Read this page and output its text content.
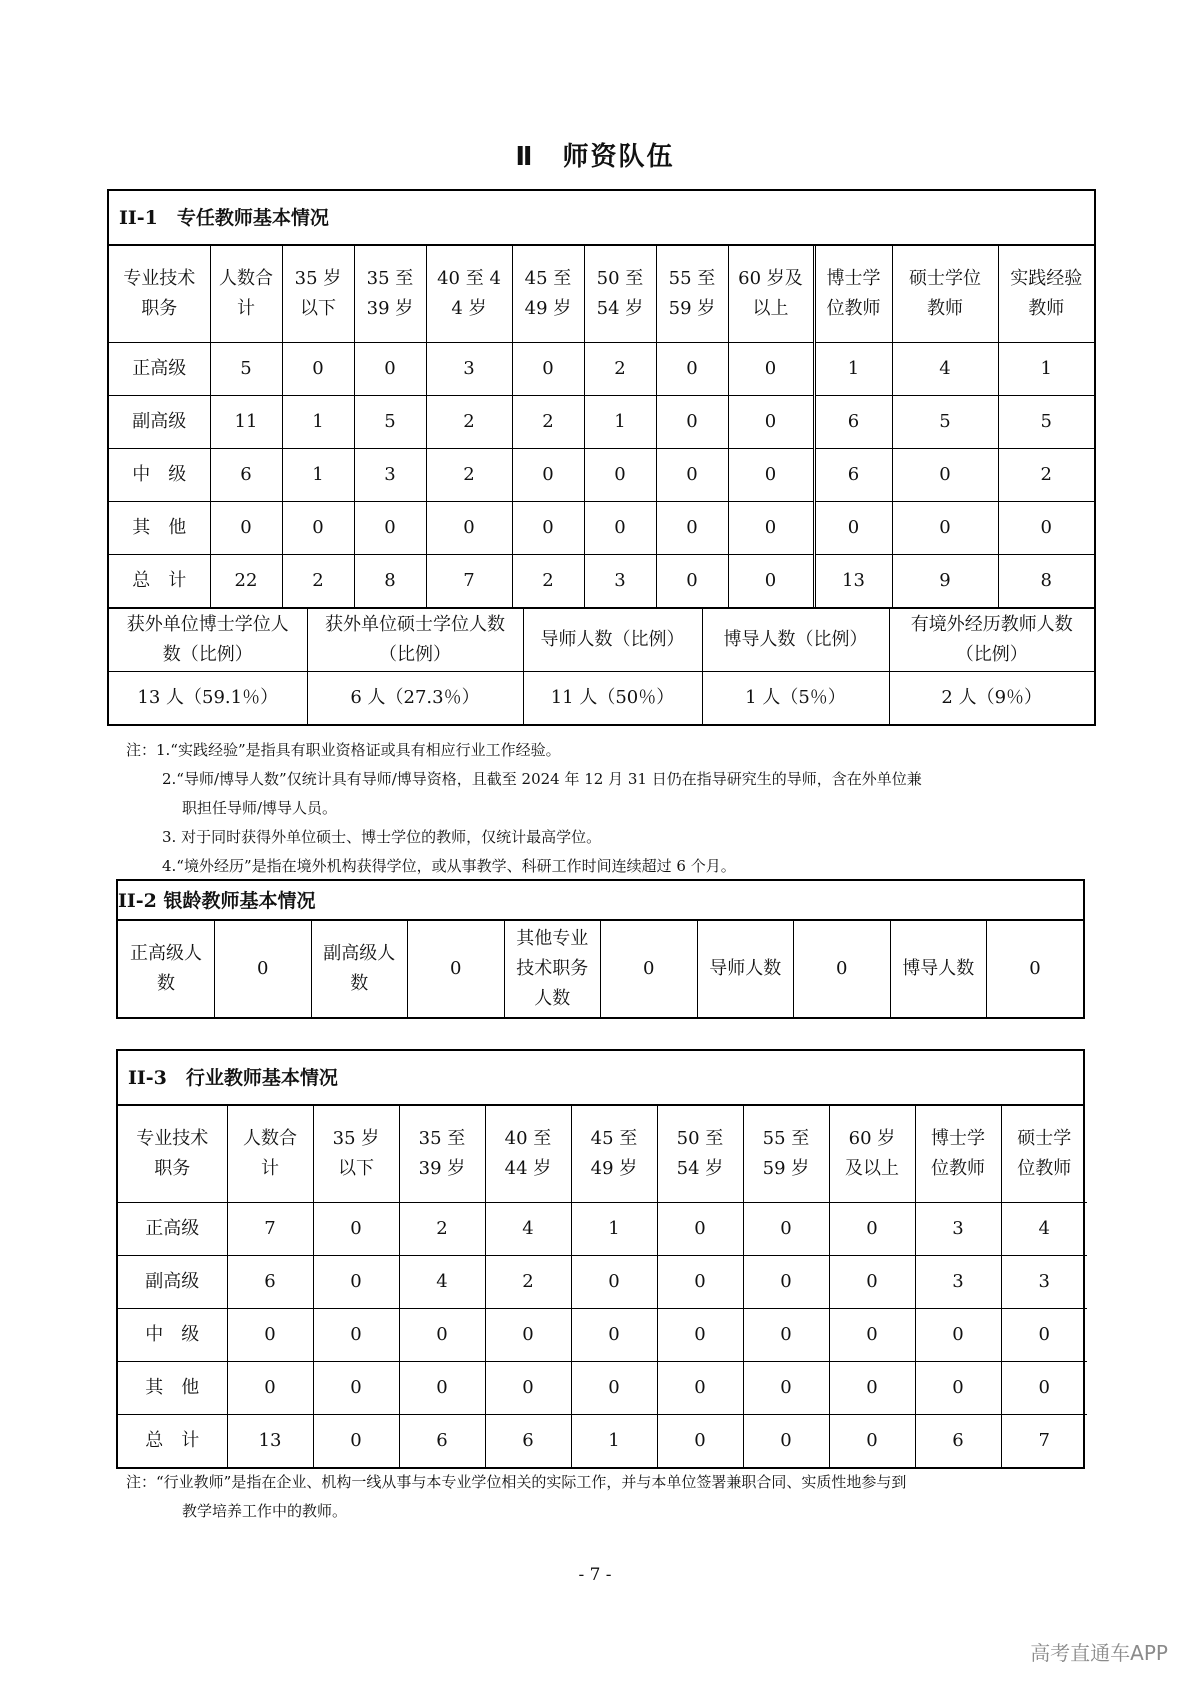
Ⅱ　师资队伍
II-1　专任教师基本情况
专业技术职务	人数合计	35 岁以下	35 至 39 岁	40 至 44 岁	45 至 49 岁	50 至 54 岁	55 至 59 岁	60 岁及以上	博士学位教师	硕士学位教师	实践经验教师
正高级	5	0	0	3	0	2	0	0	1	4	1
副高级	11	1	5	2	2	1	0	0	6	5	5
中　级	6	1	3	2	0	0	0	0	6	0	2
其　他	0	0	0	0	0	0	0	0	0	0	0
总　计	22	2	8	7	2	3	0	0	13	9	8
获外单位博士学位人数（比例）	获外单位硕士学位人数（比例）	导师人数（比例）	博导人数（比例）	有境外经历教师人数（比例）
13 人（59.1％）	6 人（27.3％）	11 人（50％）	1 人（5％）	2 人（9％）
注：1.“实践经验”是指具有职业资格证或具有相应行业工作经验。
2.“导师/博导人数”仅统计具有导师/博导资格，且截至 2024 年 12 月 31 日仍在指导研究生的导师，含在外单位兼
职担任导师/博导人员。
3. 对于同时获得外单位硕士、博士学位的教师，仅统计最高学位。
4.“境外经历”是指在境外机构获得学位，或从事教学、科研工作时间连续超过 6 个月。
II-2 银龄教师基本情况
正高级人数	0	副高级人数	0	其他专业技术职务人数	0	导师人数	0	博导人数	0
II-3　行业教师基本情况
专业技术职务	人数合计	35 岁以下	35 至 39 岁	40 至 44 岁	45 至 49 岁	50 至 54 岁	55 至 59 岁	60 岁及以上	博士学位教师	硕士学位教师
正高级	7	0	2	4	1	0	0	0	3	4
副高级	6	0	4	2	0	0	0	0	3	3
中　级	0	0	0	0	0	0	0	0	0	0
其　他	0	0	0	0	0	0	0	0	0	0
总　计	13	0	6	6	1	0	0	0	6	7
注：“行业教师”是指在企业、机构一线从事与本专业学位相关的实际工作，并与本单位签署兼职合同、实质性地参与到
教学培养工作中的教师。
- 7 -
高考直通车APP
